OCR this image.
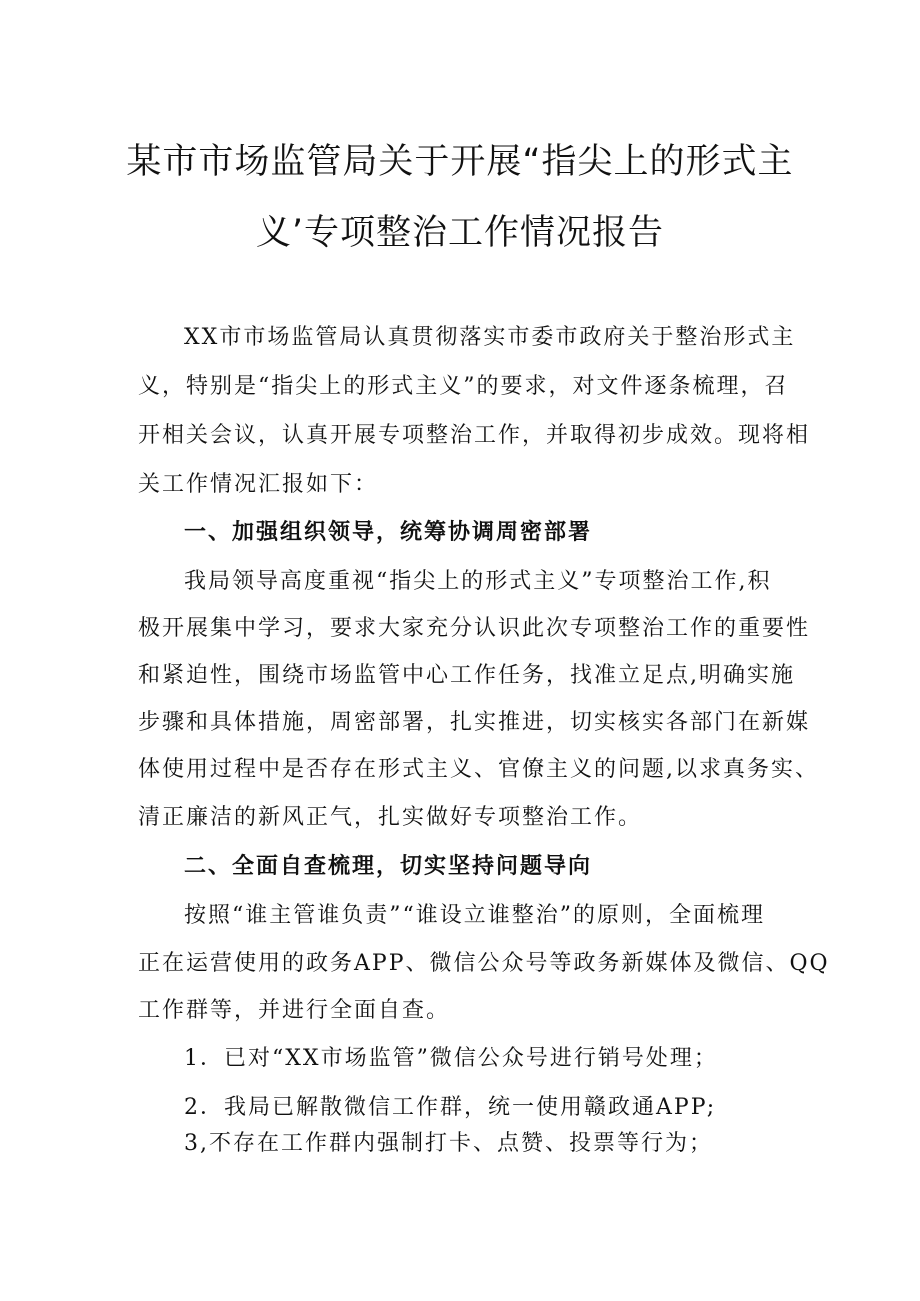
某市市场监管局关于开展“指尖上的形式主
义’专项整治工作情况报告
XX市市场监管局认真贯彻落实市委市政府关于整治形式主
义，特别是“指尖上的形式主义”的要求，对文件逐条梳理，召
开相关会议，认真开展专项整治工作，并取得初步成效。现将相
关工作情况汇报如下：
一、加强组织领导，统筹协调周密部署
我局领导高度重视“指尖上的形式主义”专项整治工作,积
极开展集中学习，要求大家充分认识此次专项整治工作的重要性
和紧迫性，围绕市场监管中心工作任务，找准立足点,明确实施
步骤和具体措施，周密部署，扎实推进，切实核实各部门在新媒
体使用过程中是否存在形式主义、官僚主义的问题,以求真务实、
清正廉洁的新风正气，扎实做好专项整治工作。
二、全面自查梳理，切实坚持问题导向
按照“谁主管谁负责”“谁设立谁整治”的原则，全面梳理
正在运营使用的政务APP、微信公众号等政务新媒体及微信、QQ
工作群等，并进行全面自查。
1．已对“XX市场监管”微信公众号进行销号处理；
2．我局已解散微信工作群，统一使用赣政通APP;
3,不存在工作群内强制打卡、点赞、投票等行为；
